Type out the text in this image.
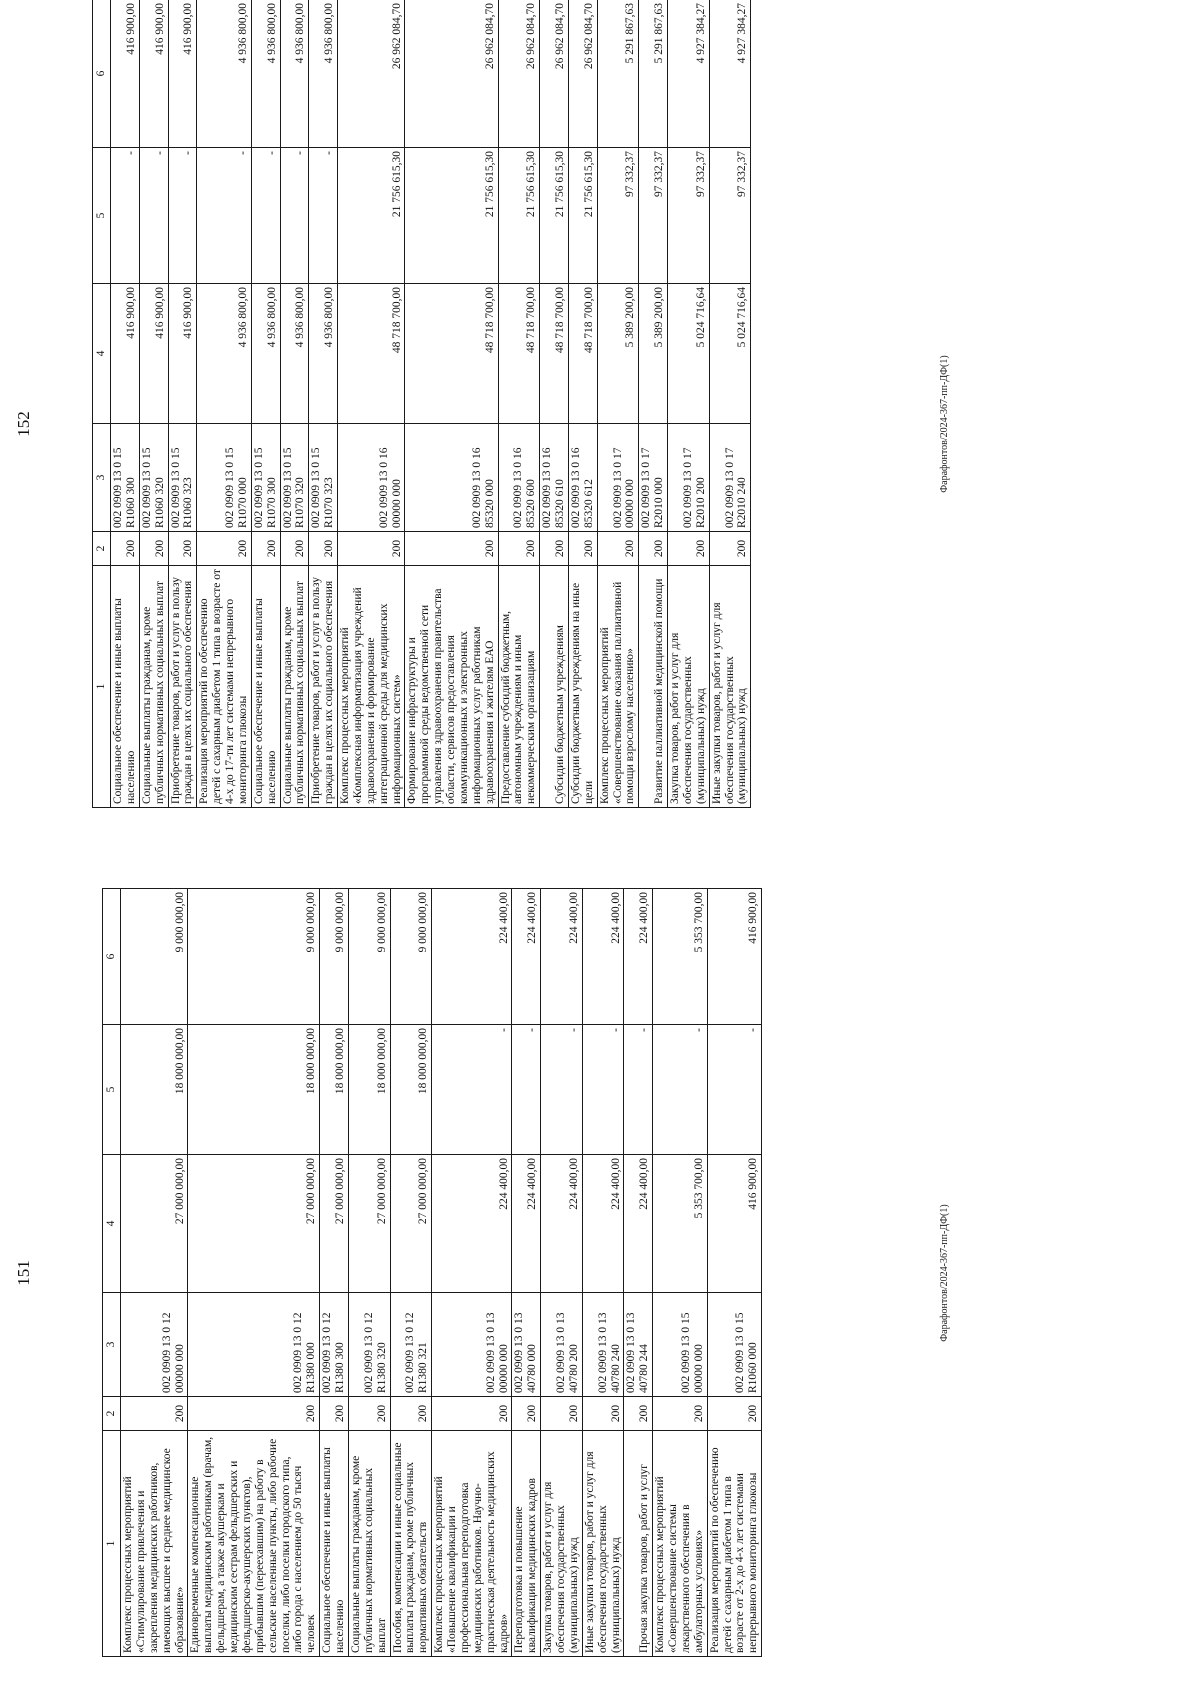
151
1	2	3	4	5	6
Комплекс процессных мероприятий «Стимулирование привлечения и закрепления медицинских работников, имеющих высшее и среднее медицинское образование»	200	002 0909 13 0 12 00000 000	27 000 000,00	18 000 000,00	9 000 000,00
Единовременные компенсационные выплаты медицинским работникам (врачам, фельдшерам, а также акушеркам и медицинским сестрам фельдшерских и фельдшерско-акушерских пунктов), прибывшим (переехавшим) на работу в сельские населенные пункты, либо рабочие поселки, либо поселки городского типа, либо города с населением до 50 тысяч человек	200	002 0909 13 0 12 R1380 000	27 000 000,00	18 000 000,00	9 000 000,00
Социальное обеспечение и иные выплаты населению	200	002 0909 13 0 12 R1380 300	27 000 000,00	18 000 000,00	9 000 000,00
Социальные выплаты гражданам, кроме публичных нормативных социальных выплат	200	002 0909 13 0 12 R1380 320	27 000 000,00	18 000 000,00	9 000 000,00
Пособия, компенсации и иные социальные выплаты гражданам, кроме публичных нормативных обязательств	200	002 0909 13 0 12 R1380 321	27 000 000,00	18 000 000,00	9 000 000,00
Комплекс процессных мероприятий «Повышение квалификации и профессиональная переподготовка медицинских работников. Научно-практическая деятельность медицинских кадров»	200	002 0909 13 0 13 00000 000	224 400,00	-	224 400,00
Переподготовка и повышение квалификации медицинских кадров	200	002 0909 13 0 13 40780 000	224 400,00	-	224 400,00
Закупка товаров, работ и услуг для обеспечения государственных (муниципальных) нужд	200	002 0909 13 0 13 40780 200	224 400,00	-	224 400,00
Иные закупки товаров, работ и услуг для обеспечения государственных (муниципальных) нужд	200	002 0909 13 0 13 40780 240	224 400,00	-	224 400,00
Прочая закупка товаров, работ и услуг	200	002 0909 13 0 13 40780 244	224 400,00	-	224 400,00
Комплекс процессных мероприятий «Совершенствование системы лекарственного обеспечения в амбулаторных условиях»	200	002 0909 13 0 15 00000 000	5 353 700,00	-	5 353 700,00
Реализация мероприятий по обеспечению детей с сахарным диабетом 1 типа в возрасте от 2-х до 4-х лет системами непрерывного мониторинга глюкозы	200	002 0909 13 0 15 R1060 000	416 900,00	-	416 900,00
Фарафонтов/2024-367-пп-ДФ(1)
152
1	2	3	4	5	6
Социальное обеспечение и иные выплаты населению	200	002 0909 13 0 15 R1060 300	416 900,00	-	416 900,00
Социальные выплаты гражданам, кроме публичных нормативных социальных выплат	200	002 0909 13 0 15 R1060 320	416 900,00	-	416 900,00
Приобретение товаров, работ и услуг в пользу граждан в целях их социального обеспечения	200	002 0909 13 0 15 R1060 323	416 900,00	-	416 900,00
Реализация мероприятий по обеспечению детей с сахарным диабетом 1 типа в возрасте от 4-х до 17-ти лет системами непрерывного мониторинга глюкозы	200	002 0909 13 0 15 R1070 000	4 936 800,00	-	4 936 800,00
Социальное обеспечение и иные выплаты населению	200	002 0909 13 0 15 R1070 300	4 936 800,00	-	4 936 800,00
Социальные выплаты гражданам, кроме публичных нормативных социальных выплат	200	002 0909 13 0 15 R1070 320	4 936 800,00	-	4 936 800,00
Приобретение товаров, работ и услуг в пользу граждан в целях их социального обеспечения	200	002 0909 13 0 15 R1070 323	4 936 800,00	-	4 936 800,00
Комплекс процессных мероприятий «Комплексная информатизация учреждений здравоохранения и формирование интеграционной среды для медицинских информационных систем»	200	002 0909 13 0 16 00000 000	48 718 700,00	21 756 615,30	26 962 084,70
Формирование инфраструктуры и программной среды ведомственной сети управления здравоохранения правительства области, сервисов предоставления коммуникационных и электронных информационных услуг работникам здравоохранения и жителям ЕАО	200	002 0909 13 0 16 85320 000	48 718 700,00	21 756 615,30	26 962 084,70
Предоставление субсидий бюджетным, автономным учреждениям и иным некоммерческим организациям	200	002 0909 13 0 16 85320 600	48 718 700,00	21 756 615,30	26 962 084,70
Субсидии бюджетным учреждениям	200	002 0909 13 0 16 85320 610	48 718 700,00	21 756 615,30	26 962 084,70
Субсидии бюджетным учреждениям на иные цели	200	002 0909 13 0 16 85320 612	48 718 700,00	21 756 615,30	26 962 084,70
Комплекс процессных мероприятий «Совершенствование оказания паллиативной помощи взрослому населению»	200	002 0909 13 0 17 00000 000	5 389 200,00	97 332,37	5 291 867,63
Развитие паллиативной медицинской помощи	200	002 0909 13 0 17 R2010 000	5 389 200,00	97 332,37	5 291 867,63
Закупка товаров, работ и услуг для обеспечения государственных (муниципальных) нужд	200	002 0909 13 0 17 R2010 200	5 024 716,64	97 332,37	4 927 384,27
Иные закупки товаров, работ и услуг для обеспечения государственных (муниципальных) нужд	200	002 0909 13 0 17 R2010 240	5 024 716,64	97 332,37	4 927 384,27
Фарафонтов/2024-367-пп-ДФ(1)
